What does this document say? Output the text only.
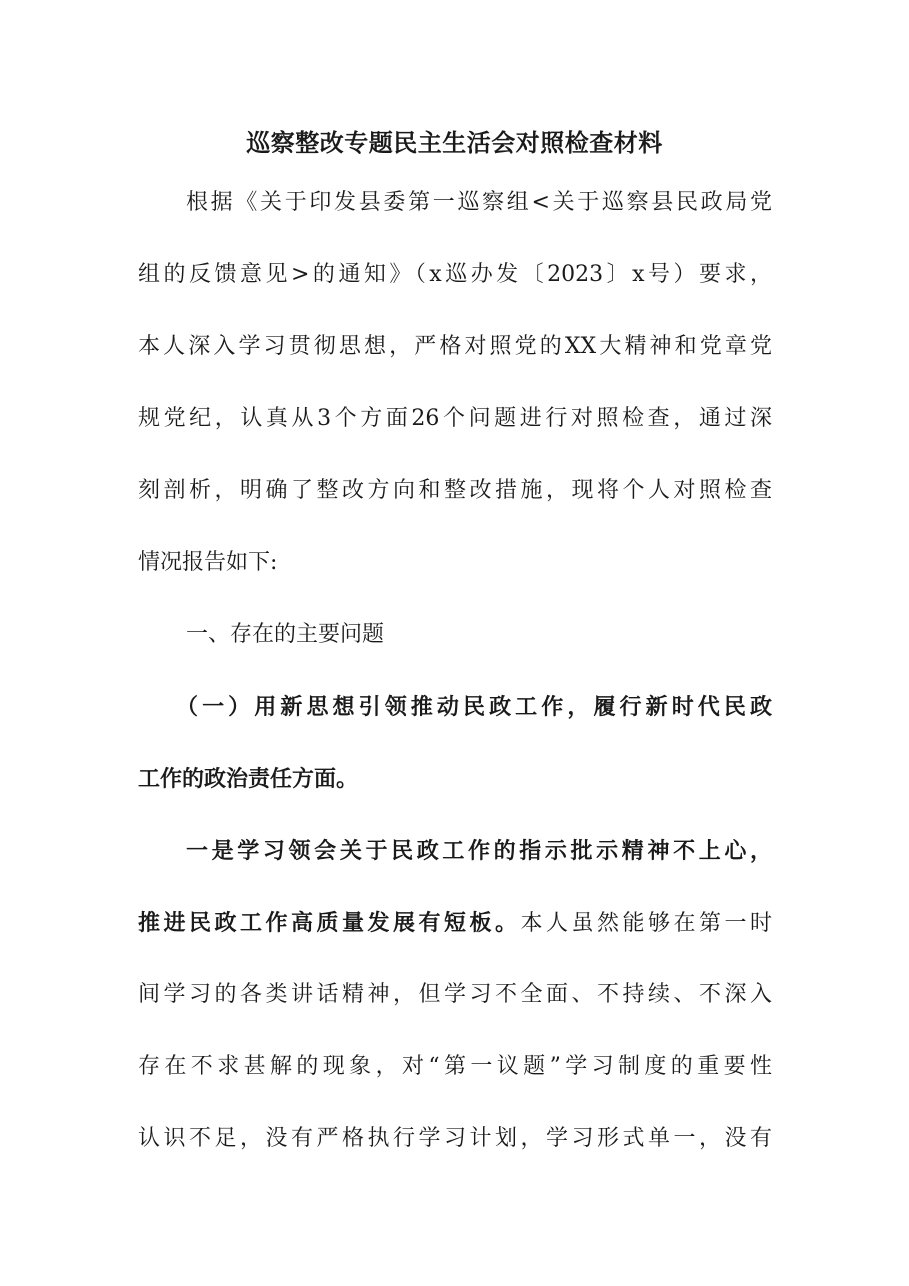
巡察整改专题民主生活会对照检查材料
根据《关于印发县委第一巡察组<关于巡察县民政局党
组的反馈意见>的通知》（x巡办发〔2023〕x号）要求，
本人深入学习贯彻思想，严格对照党的XX大精神和党章党
规党纪，认真从3个方面26个问题进行对照检查，通过深
刻剖析，明确了整改方向和整改措施，现将个人对照检查
情况报告如下:
一、存在的主要问题
（一）用新思想引领推动民政工作，履行新时代民政
工作的政治责任方面。
一是学习领会关于民政工作的指示批示精神不上心，
推进民政工作高质量发展有短板。本人虽然能够在第一时
间学习的各类讲话精神，但学习不全面、不持续、不深入
存在不求甚解的现象，对“第一议题”学习制度的重要性
认识不足，没有严格执行学习计划，学习形式单一，没有
